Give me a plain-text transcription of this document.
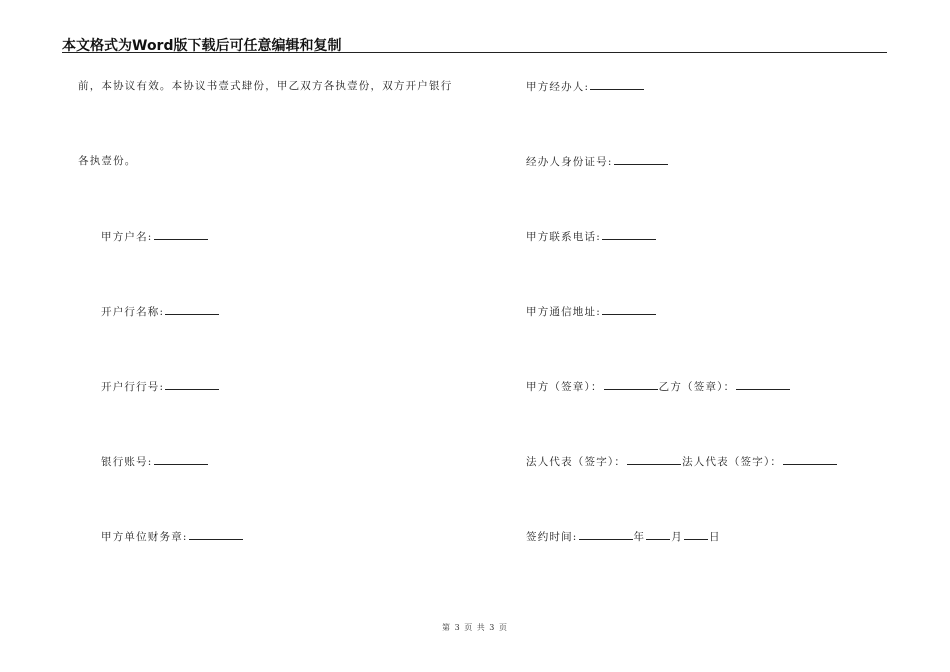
本文格式为Word版下载后可任意编辑和复制
前，本协议有效。本协议书壹式肆份，甲乙双方各执壹份，双方开户银行
各执壹份。
甲方户名:
开户行名称:
开户行行号:
银行账号:
甲方单位财务章:
甲方经办人:
经办人身份证号:
甲方联系电话:
甲方通信地址:
甲方（签章）：	乙方（签章）：
法人代表（签字）：	法人代表（签字）：
签约时间:	年 月 日
第 3 页 共 3 页
